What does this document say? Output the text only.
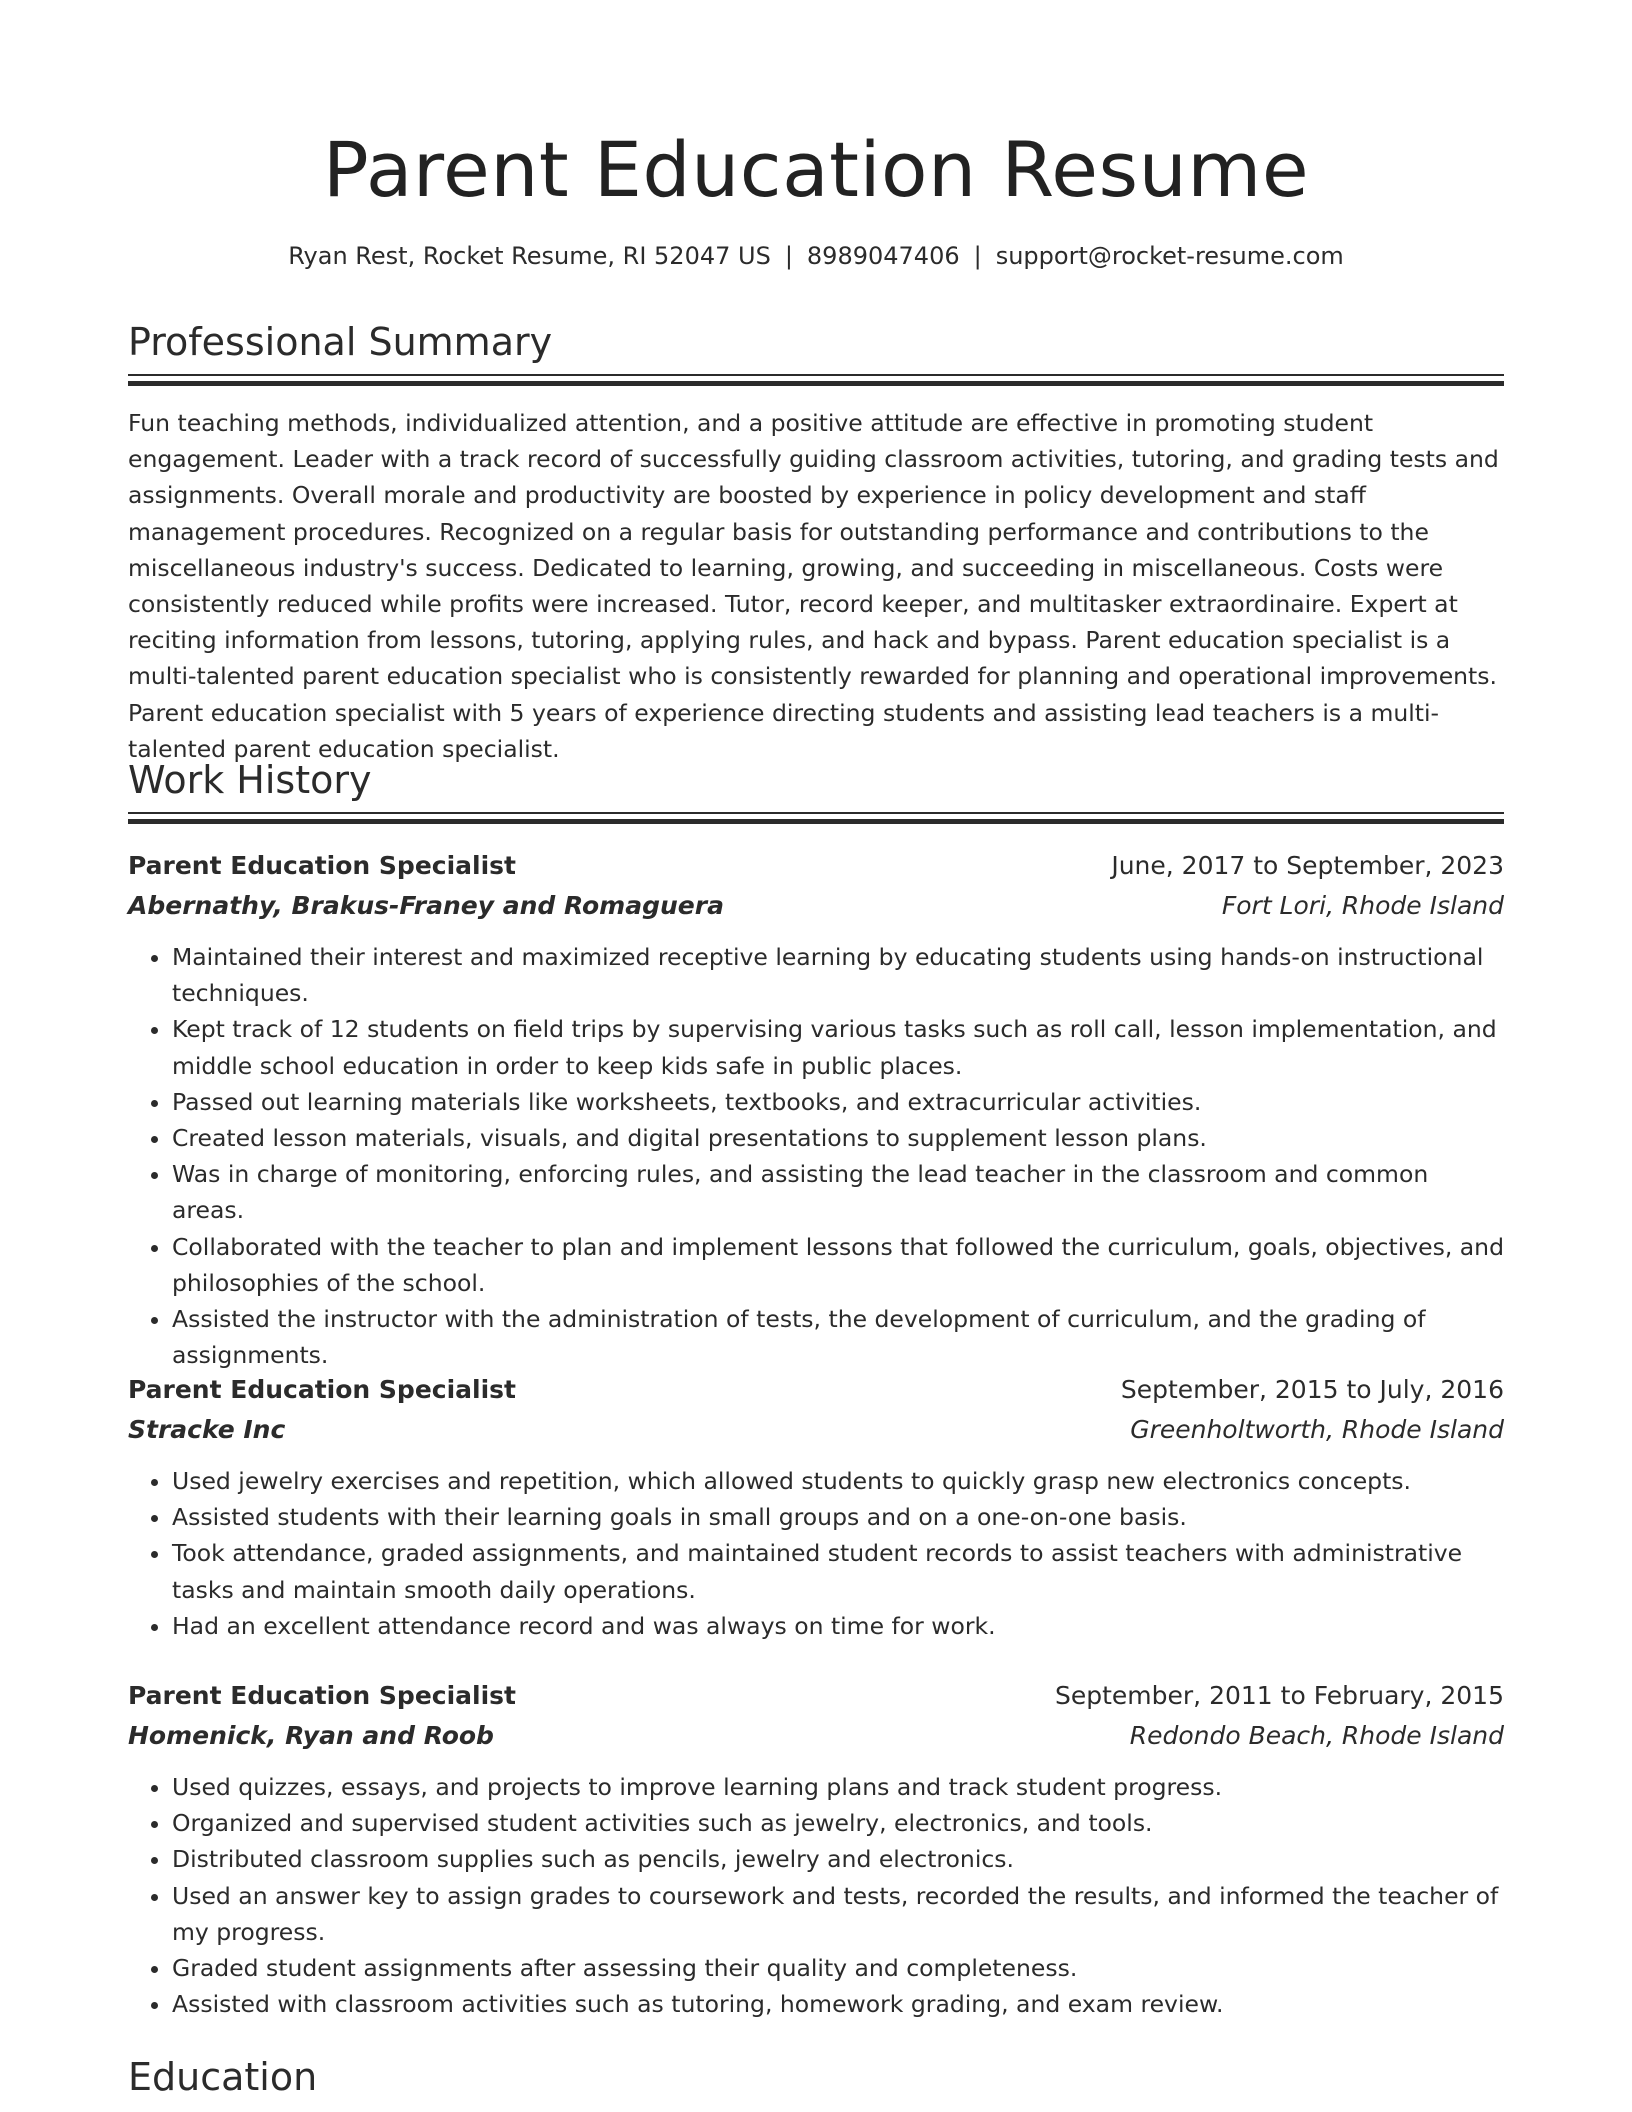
Parent Education Resume
Ryan Rest, Rocket Resume, RI 52047 US | 8989047406 | support@rocket-resume.com
Professional Summary

Fun teaching methods, individualized attention, and a positive attitude are effective in promoting student engagement. Leader with a track record of successfully guiding classroom activities, tutoring, and grading tests and assignments. Overall morale and productivity are boosted by experience in policy development and staff management procedures. Recognized on a regular basis for outstanding performance and contributions to the miscellaneous industry's success. Dedicated to learning, growing, and succeeding in miscellaneous. Costs were consistently reduced while profits were increased. Tutor, record keeper, and multitasker extraordinaire. Expert at reciting information from lessons, tutoring, applying rules, and hack and bypass. Parent education specialist is a multi-talented parent education specialist who is consistently rewarded for planning and operational improvements. Parent education specialist with 5 years of experience directing students and assisting lead teachers is a multi-talented parent education specialist.

Work History
Parent Education Specialist	June, 2017 to September, 2023
Abernathy, Brakus-Franey and Romaguera	Fort Lori, Rhode Island
• Maintained their interest and maximized receptive learning by educating students using hands-on instructional techniques.
• Kept track of 12 students on field trips by supervising various tasks such as roll call, lesson implementation, and middle school education in order to keep kids safe in public places.
• Passed out learning materials like worksheets, textbooks, and extracurricular activities.
• Created lesson materials, visuals, and digital presentations to supplement lesson plans.
• Was in charge of monitoring, enforcing rules, and assisting the lead teacher in the classroom and common areas.
• Collaborated with the teacher to plan and implement lessons that followed the curriculum, goals, objectives, and philosophies of the school.
• Assisted the instructor with the administration of tests, the development of curriculum, and the grading of assignments.
Parent Education Specialist	September, 2015 to July, 2016
Stracke Inc	Greenholtworth, Rhode Island
• Used jewelry exercises and repetition, which allowed students to quickly grasp new electronics concepts.
• Assisted students with their learning goals in small groups and on a one-on-one basis.
• Took attendance, graded assignments, and maintained student records to assist teachers with administrative tasks and maintain smooth daily operations.
• Had an excellent attendance record and was always on time for work.
Parent Education Specialist	September, 2011 to February, 2015
Homenick, Ryan and Roob	Redondo Beach, Rhode Island
• Used quizzes, essays, and projects to improve learning plans and track student progress.
• Organized and supervised student activities such as jewelry, electronics, and tools.
• Distributed classroom supplies such as pencils, jewelry and electronics.
• Used an answer key to assign grades to coursework and tests, recorded the results, and informed the teacher of my progress.
• Graded student assignments after assessing their quality and completeness.
• Assisted with classroom activities such as tutoring, homework grading, and exam review.
Education
